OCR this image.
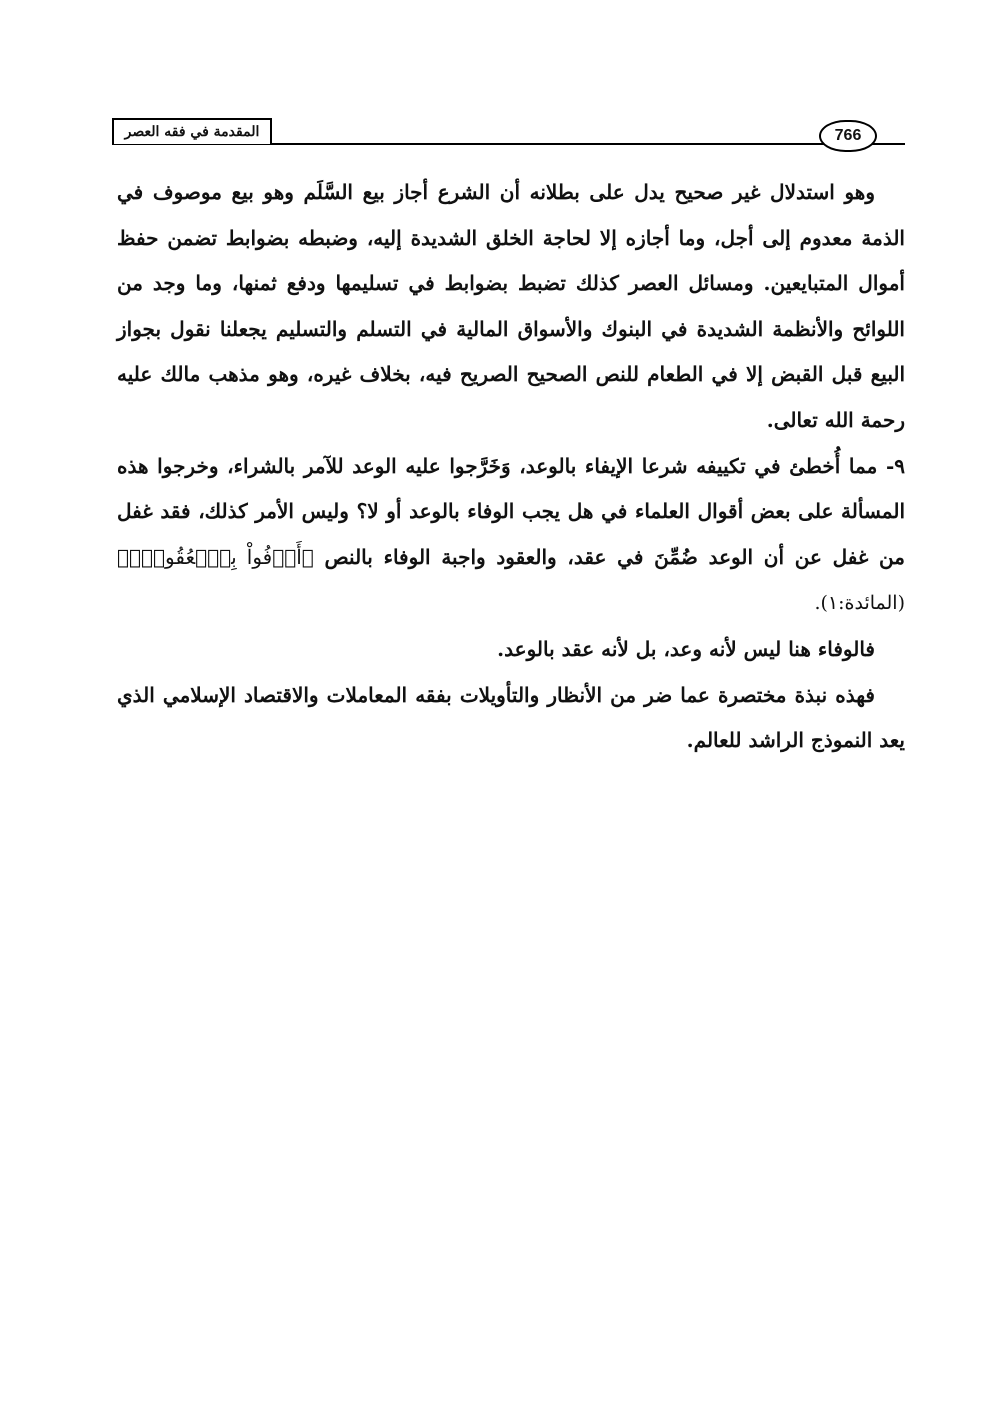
المقدمة في فقه العصر	766

وهو استدلال غير صحيح يدل على بطلانه أن الشرع أجاز بيع السَّلَم وهو بيع موصوف في الذمة معدوم إلى أجل، وما أجازه إلا لحاجة الخلق الشديدة إليه، وضبطه بضوابط تضمن حفظ أموال المتبايعين. ومسائل العصر كذلك تضبط بضوابط في تسليمها ودفع ثمنها، وما وجد من اللوائح والأنظمة الشديدة في البنوك والأسواق المالية في التسلم والتسليم يجعلنا نقول بجواز البيع قبل القبض إلا في الطعام للنص الصحيح الصريح فيه، بخلاف غيره، وهو مذهب مالك عليه رحمة الله تعالى.

٩- مما أُخطئ في تكييفه شرعا الإيفاء بالوعد، وَخَرَّجوا عليه الوعد للآمر بالشراء، وخرجوا هذه المسألة على بعض أقوال العلماء في هل يجب الوفاء بالوعد أو لا؟ وليس الأمر كذلك، فقد غفل من غفل عن أن الوعد ضُمِّنَ في عقد، والعقود واجبة الوفاء بالنص ﴿أَوۡفُواْ بِٱلۡعُقُودِۚ﴾ (المائدة:١).

فالوفاء هنا ليس لأنه وعد، بل لأنه عقد بالوعد.

فهذه نبذة مختصرة عما ضر من الأنظار والتأويلات بفقه المعاملات والاقتصاد الإسلامي الذي يعد النموذج الراشد للعالم.
